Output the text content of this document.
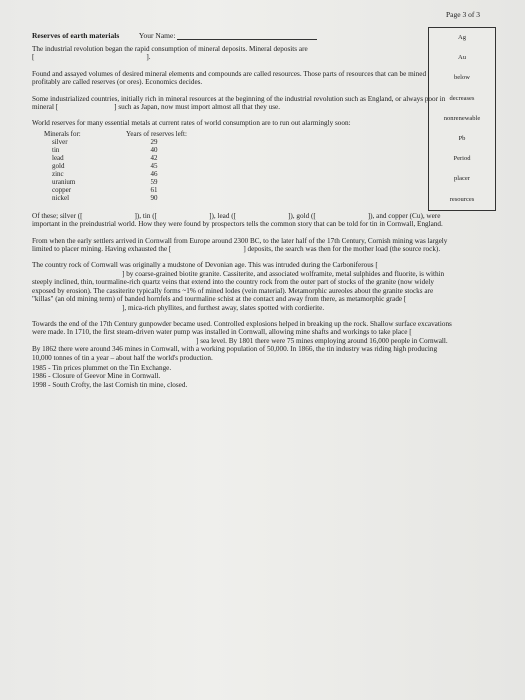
Page 3 of 3
Reserves of earth materials	Your Name:	Ag
Au
below
decreases
nonrenewable
Pb
Period
placer
resources

The industrial revolution began the rapid consumption of mineral deposits. Mineral deposits are
[	].

Found and assayed volumes of desired mineral elements and compounds are called resources. Those parts of resources that can be mined profitably are called reserves (or ores). Economics decides.

Some industrialized countries, initially rich in mineral resources at the beginning of the industrial revolution such as England, or always poor in mineral [	] such as Japan, now must import almost all that they use.

World reserves for many essential metals at current rates of world consumption are to run out alarmingly soon:

Minerals for:	Years of reserves left:
silver	29
tin	40
lead	42
gold	45
zinc	46
uranium	59
copper	61
nickel	90

Of these; silver ([	]), tin ([	]), lead ([	]), gold ([	]), and copper (Cu), were important in the preindustrial world. How they were found by prospectors tells the common story that can be told for tin in Cornwall, England.

From when the early settlers arrived in Cornwall from Europe around 2300 BC, to the later half of the 17th Century, Cornish mining was largely limited to placer mining. Having exhausted the [	] deposits, the search was then for the mother load (the source rock).

The country rock of Cornwall was originally a mudstone of Devonian age. This was intruded during the Carboniferous [] by coarse-grained biotite granite. Cassiterite, and associated wolframite, metal sulphides and fluorite, is within steeply inclined, thin, tourmaline-rich quartz veins that extend into the country rock from the outer part of stocks of the granite (now widely exposed by erosion). The cassiterite typically forms ~1% of mined lodes (vein material). Metamorphic aureoles about the granite stocks are "killas" (an old mining term) of banded hornfels and tourmaline schist at the contact and away from there, as metamorphic grade [], mica-rich phyllites, and furthest away, slates spotted with cordierite.

Towards the end of the 17th Century gunpowder became used. Controlled explosions helped in breaking up the rock. Shallow surface excavations were made. In 1710, the first steam-driven water pump was installed in Cornwall, allowing mine shafts and workings to take place [] sea level. By 1801 there were 75 mines employing around 16,000 people in Cornwall. By 1862 there were around 346 mines in Cornwall, with a working population of 50,000. In 1866, the tin industry was riding high producing 10,000 tonnes of tin a year – about half the world's production.

1985 - Tin prices plummet on the Tin Exchange.
1986 - Closure of Geevor Mine in Cornwall.
1998 - South Crofty, the last Cornish tin mine, closed.
